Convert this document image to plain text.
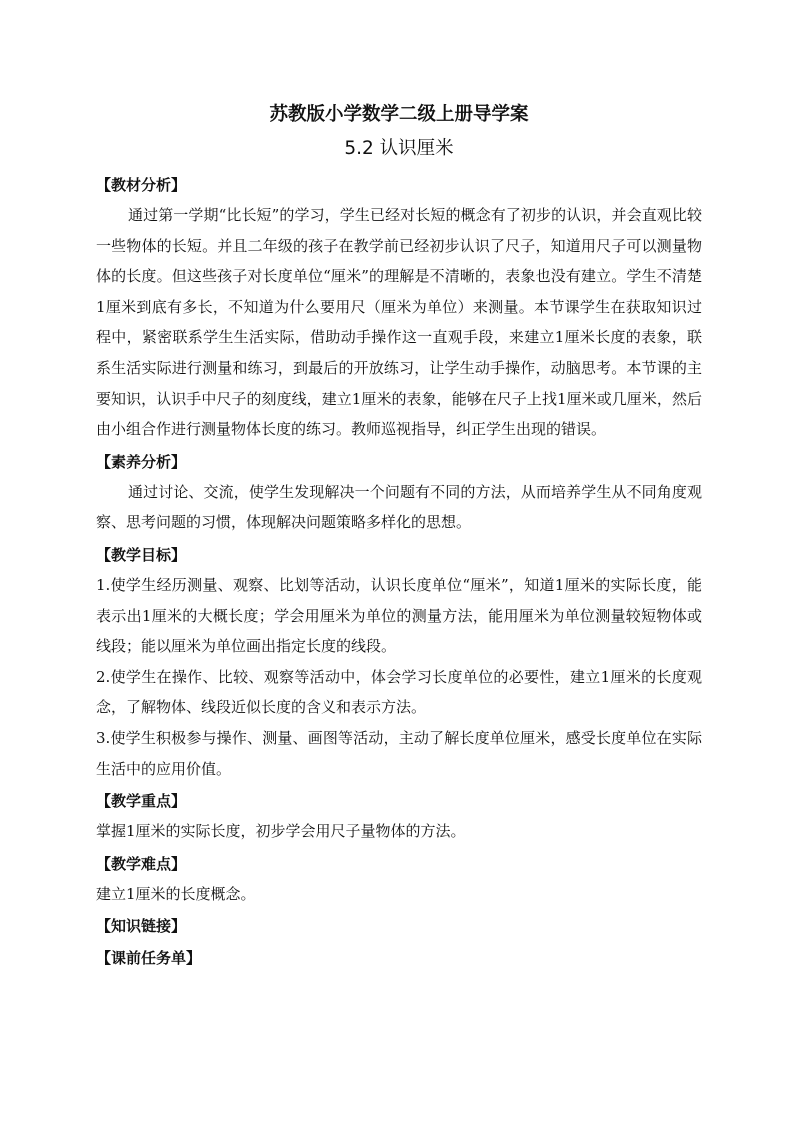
苏教版小学数学二级上册导学案
5.2 认识厘米
【教材分析】

通过第一学期“比长短”的学习，学生已经对长短的概念有了初步的认识，并会直观比较一些物体的长短。并且二年级的孩子在教学前已经初步认识了尺子，知道用尺子可以测量物体的长度。但这些孩子对长度单位“厘米”的理解是不清晰的，表象也没有建立。学生不清楚1厘米到底有多长，不知道为什么要用尺（厘米为单位）来测量。本节课学生在获取知识过程中，紧密联系学生生活实际，借助动手操作这一直观手段，来建立1厘米长度的表象，联系生活实际进行测量和练习，到最后的开放练习，让学生动手操作，动脑思考。本节课的主要知识，认识手中尺子的刻度线，建立1厘米的表象，能够在尺子上找1厘米或几厘米，然后由小组合作进行测量物体长度的练习。教师巡视指导，纠正学生出现的错误。

【素养分析】

通过讨论、交流，使学生发现解决一个问题有不同的方法，从而培养学生从不同角度观察、思考问题的习惯，体现解决问题策略多样化的思想。

【教学目标】

1.使学生经历测量、观察、比划等活动，认识长度单位“厘米”，知道1厘米的实际长度，能表示出1厘米的大概长度；学会用厘米为单位的测量方法，能用厘米为单位测量较短物体或线段；能以厘米为单位画出指定长度的线段。

2.使学生在操作、比较、观察等活动中，体会学习长度单位的必要性，建立1厘米的长度观念，了解物体、线段近似长度的含义和表示方法。

3.使学生积极参与操作、测量、画图等活动，主动了解长度单位厘米，感受长度单位在实际生活中的应用价值。

【教学重点】

掌握1厘米的实际长度，初步学会用尺子量物体的方法。

【教学难点】

建立1厘米的长度概念。

【知识链接】
【课前任务单】
